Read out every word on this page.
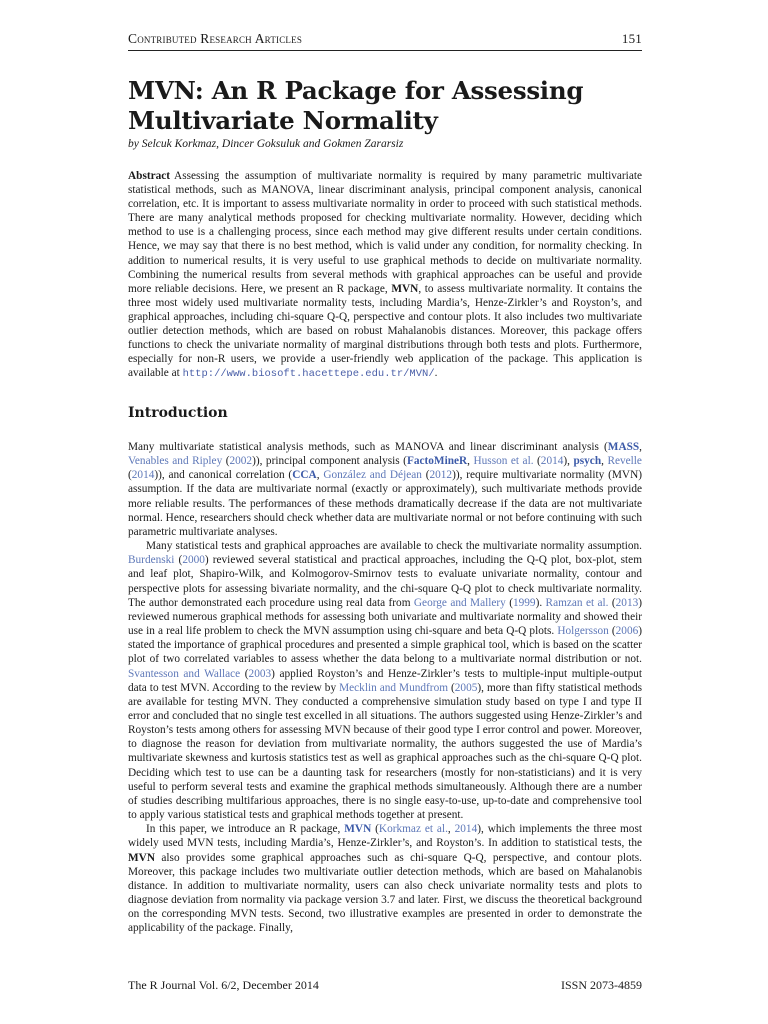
Contributed Research Articles	151
MVN: An R Package for Assessing Multivariate Normality

by Selcuk Korkmaz, Dincer Goksuluk and Gokmen Zararsiz

Abstract Assessing the assumption of multivariate normality is required by many parametric multivariate statistical methods, such as MANOVA, linear discriminant analysis, principal component analysis, canonical correlation, etc. It is important to assess multivariate normality in order to proceed with such statistical methods. There are many analytical methods proposed for checking multivariate normality. However, deciding which method to use is a challenging process, since each method may give different results under certain conditions. Hence, we may say that there is no best method, which is valid under any condition, for normality checking. In addition to numerical results, it is very useful to use graphical methods to decide on multivariate normality. Combining the numerical results from several methods with graphical approaches can be useful and provide more reliable decisions. Here, we present an R package, MVN, to assess multivariate normality. It contains the three most widely used multivariate normality tests, including Mardia’s, Henze-Zirkler’s and Royston’s, and graphical approaches, including chi-square Q-Q, perspective and contour plots. It also includes two multivariate outlier detection methods, which are based on robust Mahalanobis distances. Moreover, this package offers functions to check the univariate normality of marginal distributions through both tests and plots. Furthermore, especially for non-R users, we provide a user-friendly web application of the package. This application is available at http://www.biosoft.hacettepe.edu.tr/MVN/.

Introduction

Many multivariate statistical analysis methods, such as MANOVA and linear discriminant analysis (MASS, Venables and Ripley (2002)), principal component analysis (FactoMineR, Husson et al. (2014), psych, Revelle (2014)), and canonical correlation (CCA, González and Déjean (2012)), require multivariate normality (MVN) assumption. If the data are multivariate normal (exactly or approximately), such multivariate methods provide more reliable results. The performances of these methods dramatically decrease if the data are not multivariate normal. Hence, researchers should check whether data are multivariate normal or not before continuing with such parametric multivariate analyses.

Many statistical tests and graphical approaches are available to check the multivariate normality assumption. Burdenski (2000) reviewed several statistical and practical approaches, including the Q-Q plot, box-plot, stem and leaf plot, Shapiro-Wilk, and Kolmogorov-Smirnov tests to evaluate univariate normality, contour and perspective plots for assessing bivariate normality, and the chi-square Q-Q plot to check multivariate normality. The author demonstrated each procedure using real data from George and Mallery (1999). Ramzan et al. (2013) reviewed numerous graphical methods for assessing both univariate and multivariate normality and showed their use in a real life problem to check the MVN assumption using chi-square and beta Q-Q plots. Holgersson (2006) stated the importance of graphical procedures and presented a simple graphical tool, which is based on the scatter plot of two correlated variables to assess whether the data belong to a multivariate normal distribution or not. Svantesson and Wallace (2003) applied Royston’s and Henze-Zirkler’s tests to multiple-input multiple-output data to test MVN. According to the review by Mecklin and Mundfrom (2005), more than fifty statistical methods are available for testing MVN. They conducted a comprehensive simulation study based on type I and type II error and concluded that no single test excelled in all situations. The authors suggested using Henze-Zirkler’s and Royston’s tests among others for assessing MVN because of their good type I error control and power. Moreover, to diagnose the reason for deviation from multivariate normality, the authors suggested the use of Mardia’s multivariate skewness and kurtosis statistics test as well as graphical approaches such as the chi-square Q-Q plot. Deciding which test to use can be a daunting task for researchers (mostly for non-statisticians) and it is very useful to perform several tests and examine the graphical methods simultaneously. Although there are a number of studies describing multifarious approaches, there is no single easy-to-use, up-to-date and comprehensive tool to apply various statistical tests and graphical methods together at present.

In this paper, we introduce an R package, MVN (Korkmaz et al., 2014), which implements the three most widely used MVN tests, including Mardia’s, Henze-Zirkler’s, and Royston’s. In addition to statistical tests, the MVN also provides some graphical approaches such as chi-square Q-Q, perspective, and contour plots. Moreover, this package includes two multivariate outlier detection methods, which are based on Mahalanobis distance. In addition to multivariate normality, users can also check univariate normality tests and plots to diagnose deviation from normality via package version 3.7 and later. First, we discuss the theoretical background on the corresponding MVN tests. Second, two illustrative examples are presented in order to demonstrate the applicability of the package. Finally,

The R Journal Vol. 6/2, December 2014	ISSN 2073-4859
